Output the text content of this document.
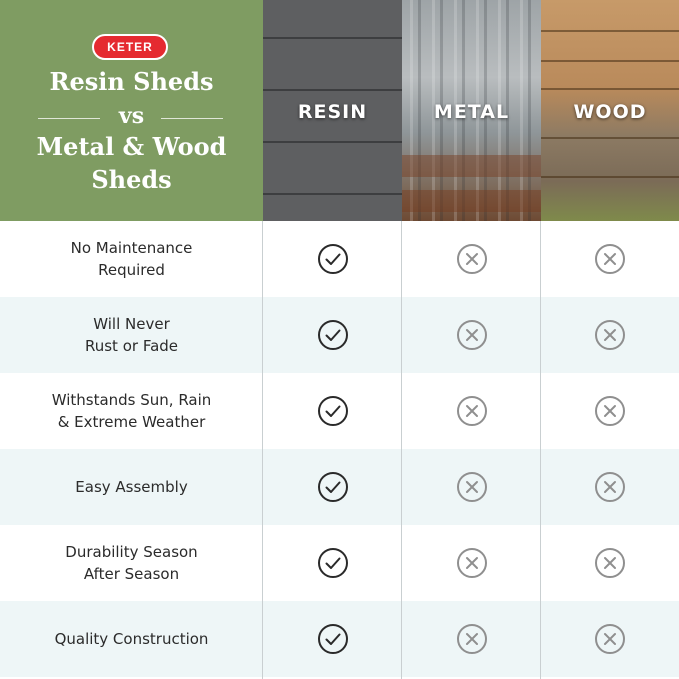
KETER
Resin Sheds
vs
Metal & Wood
Sheds
RESIN	METAL	WOOD
No Maintenance
Required
Will Never
Rust or Fade
Withstands Sun, Rain
& Extreme Weather
Easy Assembly
Durability Season
After Season
Quality Construction
